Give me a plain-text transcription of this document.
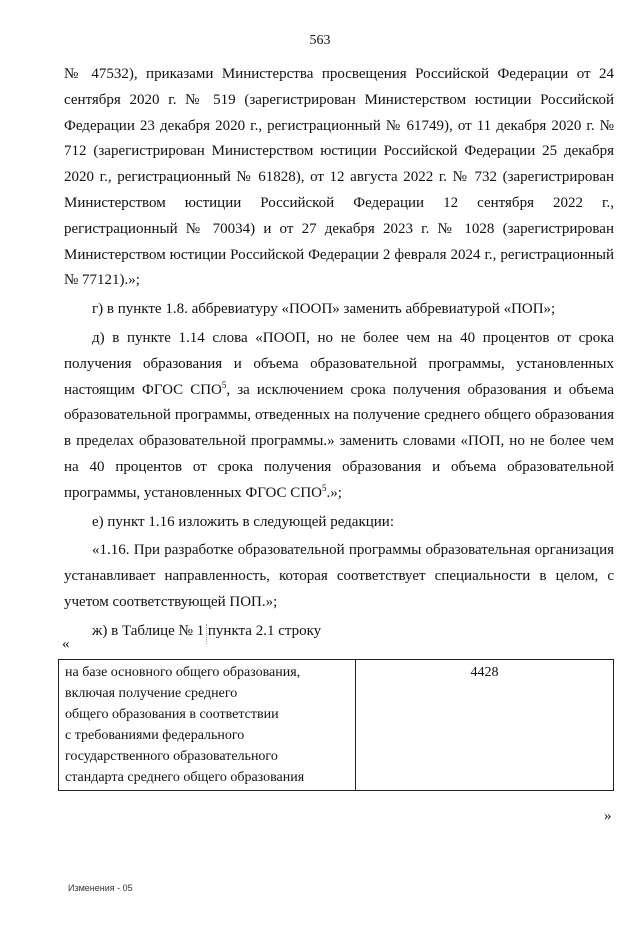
563

№ 47532), приказами Министерства просвещения Российской Федерации от 24 сентября 2020 г. № 519 (зарегистрирован Министерством юстиции Российской Федерации 23 декабря 2020 г., регистрационный № 61749), от 11 декабря 2020 г. № 712 (зарегистрирован Министерством юстиции Российской Федерации 25 декабря 2020 г., регистрационный № 61828), от 12 августа 2022 г. № 732 (зарегистрирован Министерством юстиции Российской Федерации 12 сентября 2022 г., регистрационный № 70034) и от 27 декабря 2023 г. № 1028 (зарегистрирован Министерством юстиции Российской Федерации 2 февраля 2024 г., регистрационный № 77121).»;

г) в пункте 1.8. аббревиатуру «ПООП» заменить аббревиатурой «ПОП»;

д) в пункте 1.14 слова «ПООП, но не более чем на 40 процентов от срока получения образования и объема образовательной программы, установленных настоящим ФГОС СПО$^5$, за исключением срока получения образования и объема образовательной программы, отведенных на получение среднего общего образования в пределах образовательной программы.» заменить словами «ПОП, но не более чем на 40 процентов от срока получения образования и объема образовательной программы, установленных ФГОС СПО$^5$.»;

е) пункт 1.16 изложить в следующей редакции:

«1.16. При разработке образовательной программы образовательная организация устанавливает направленность, которая соответствует специальности в целом, с учетом соответствующей ПОП.»;

ж) в Таблице № 1 пункта 2.1 строку

«
на базе основного общего образования,
включая получение среднего
общего образования в соответствии
с требованиями федерального
государственного образовательного
стандарта среднего общего образования
4428
»
Изменения - 05
